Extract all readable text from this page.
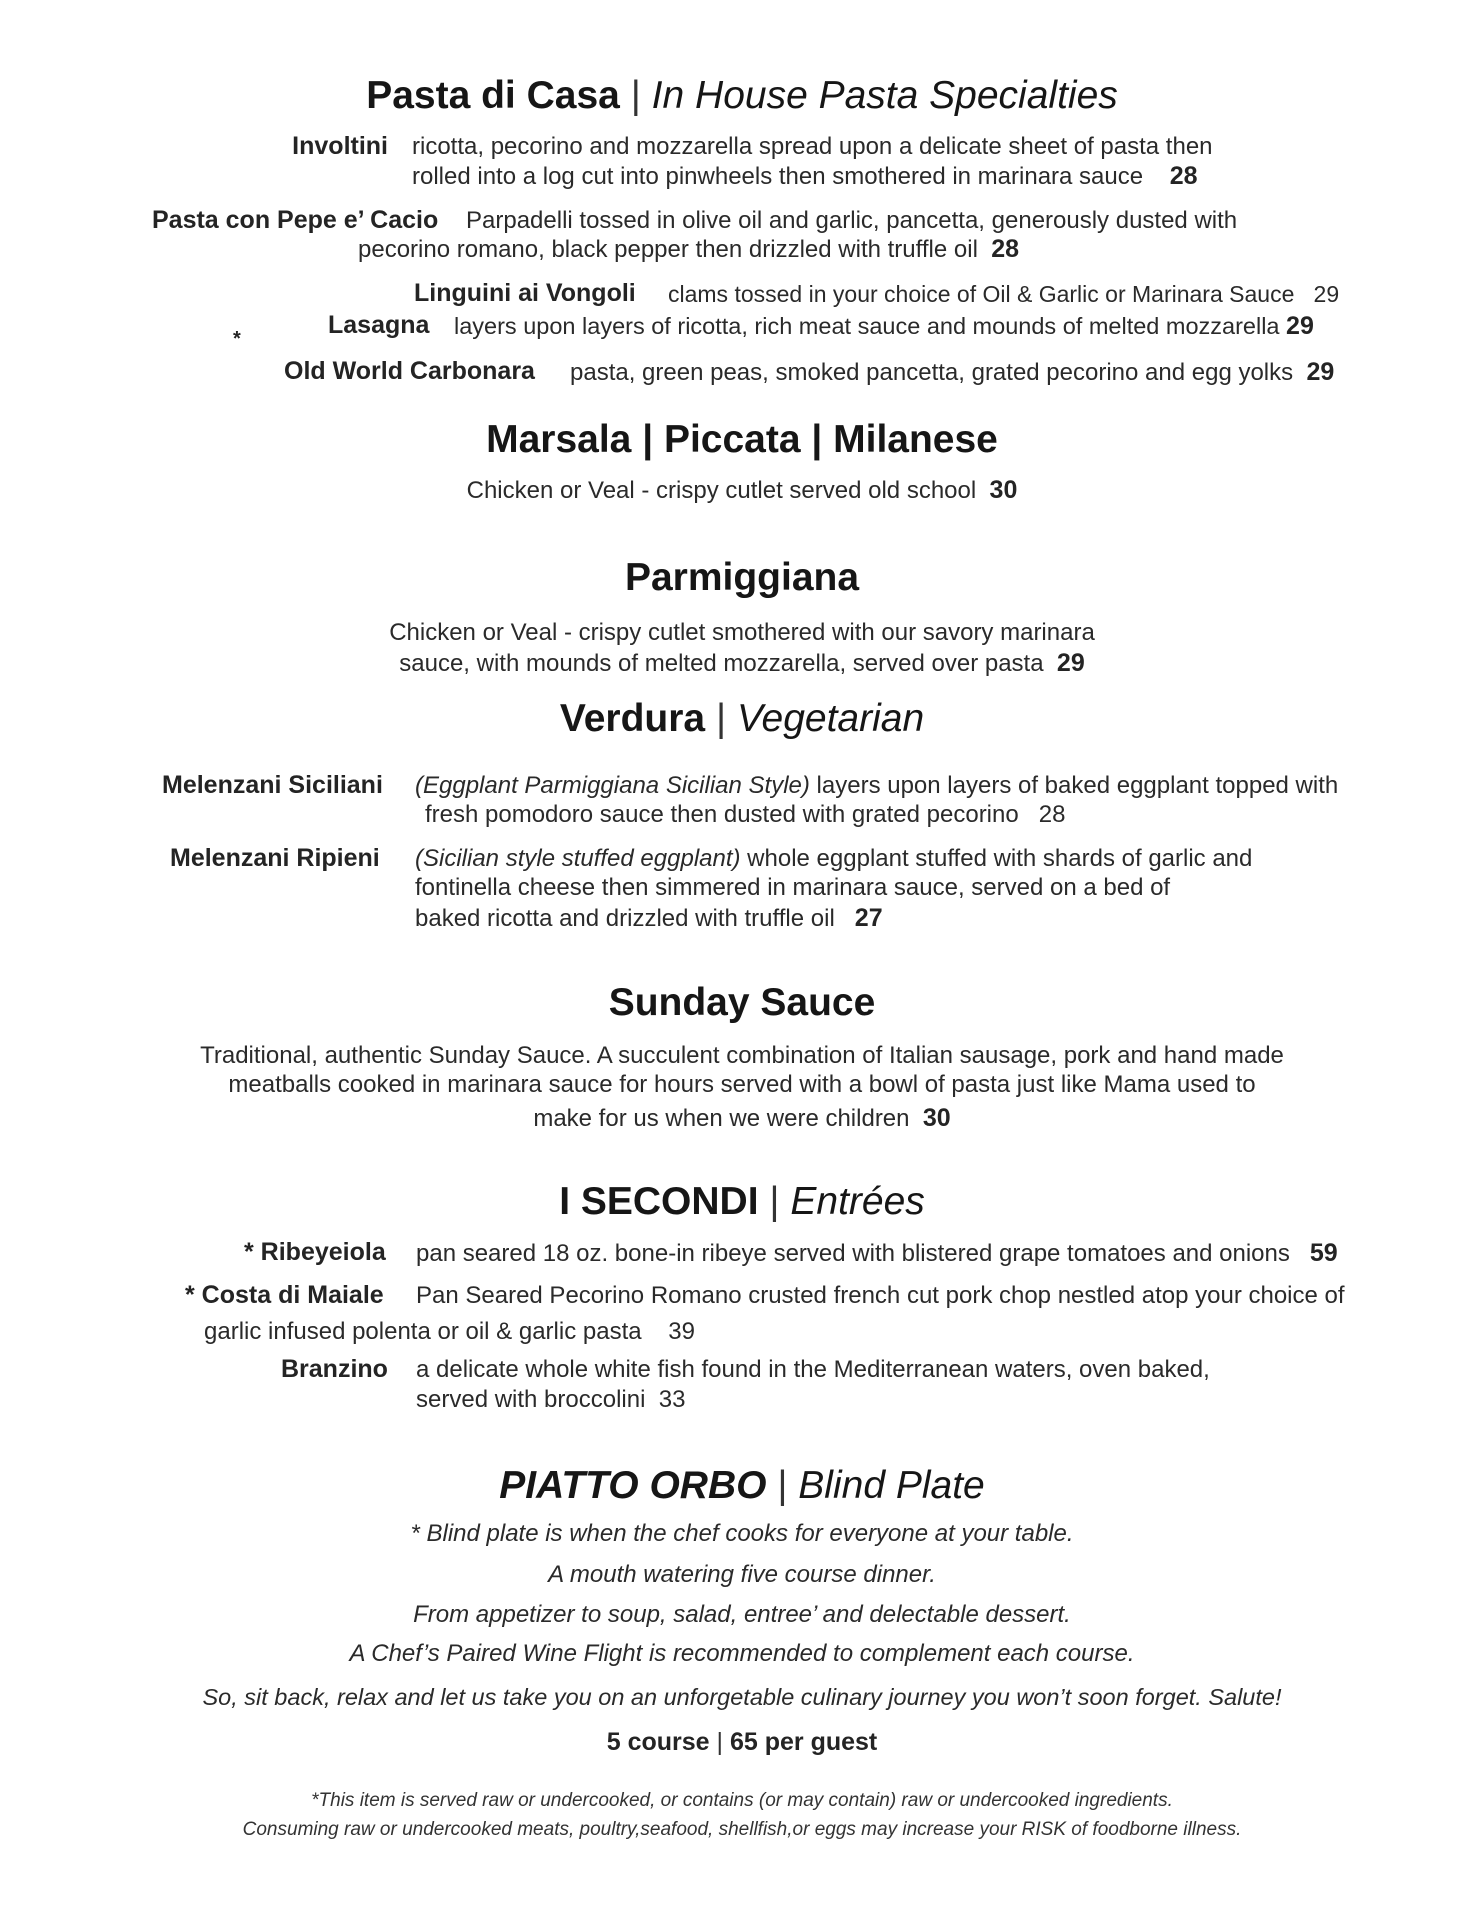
Pasta di Casa | In House Pasta Specialties
Involtini ricotta, pecorino and mozzarella spread upon a delicate sheet of pasta then
rolled into a log cut into pinwheels then smothered in marinara sauce 28
Pasta con Pepe e’ Cacio Parpadelli tossed in olive oil and garlic, pancetta, generously dusted with
pecorino romano, black pepper then drizzled with truffle oil 28
Linguini ai Vongoli clams tossed in your choice of Oil & Garlic or Marinara Sauce 29
*	Lasagna layers upon layers of ricotta, rich meat sauce and mounds of melted mozzarella 29
Old World Carbonara pasta, green peas, smoked pancetta, grated pecorino and egg yolks 29
Marsala | Piccata | Milanese
Chicken or Veal - crispy cutlet served old school 30
Parmiggiana
Chicken or Veal - crispy cutlet smothered with our savory marinara
sauce, with mounds of melted mozzarella, served over pasta 29
Verdura | Vegetarian
Melenzani Siciliani (Eggplant Parmiggiana Sicilian Style) layers upon layers of baked eggplant topped with
fresh pomodoro sauce then dusted with grated pecorino 28
Melenzani Ripieni (Sicilian style stuffed eggplant) whole eggplant stuffed with shards of garlic and
fontinella cheese then simmered in marinara sauce, served on a bed of
baked ricotta and drizzled with truffle oil 27
Sunday Sauce
Traditional, authentic Sunday Sauce. A succulent combination of Italian sausage, pork and hand made
meatballs cooked in marinara sauce for hours served with a bowl of pasta just like Mama used to
make for us when we were children 30
I SECONDI | Entrées
* Ribeyeiola pan seared 18 oz. bone-in ribeye served with blistered grape tomatoes and onions 59
* Costa di Maiale Pan Seared Pecorino Romano crusted french cut pork chop nestled atop your choice of
garlic infused polenta or oil & garlic pasta 39
Branzino a delicate whole white fish found in the Mediterranean waters, oven baked,
served with broccolini 33
PIATTO ORBO | Blind Plate
* Blind plate is when the chef cooks for everyone at your table.
A mouth watering five course dinner.
From appetizer to soup, salad, entree’ and delectable dessert.
A Chef’s Paired Wine Flight is recommended to complement each course.
So, sit back, relax and let us take you on an unforgetable culinary journey you won’t soon forget. Salute!
5 course | 65 per guest
*This item is served raw or undercooked, or contains (or may contain) raw or undercooked ingredients.
Consuming raw or undercooked meats, poultry,seafood, shellfish,or eggs may increase your RISK of foodborne illness.
